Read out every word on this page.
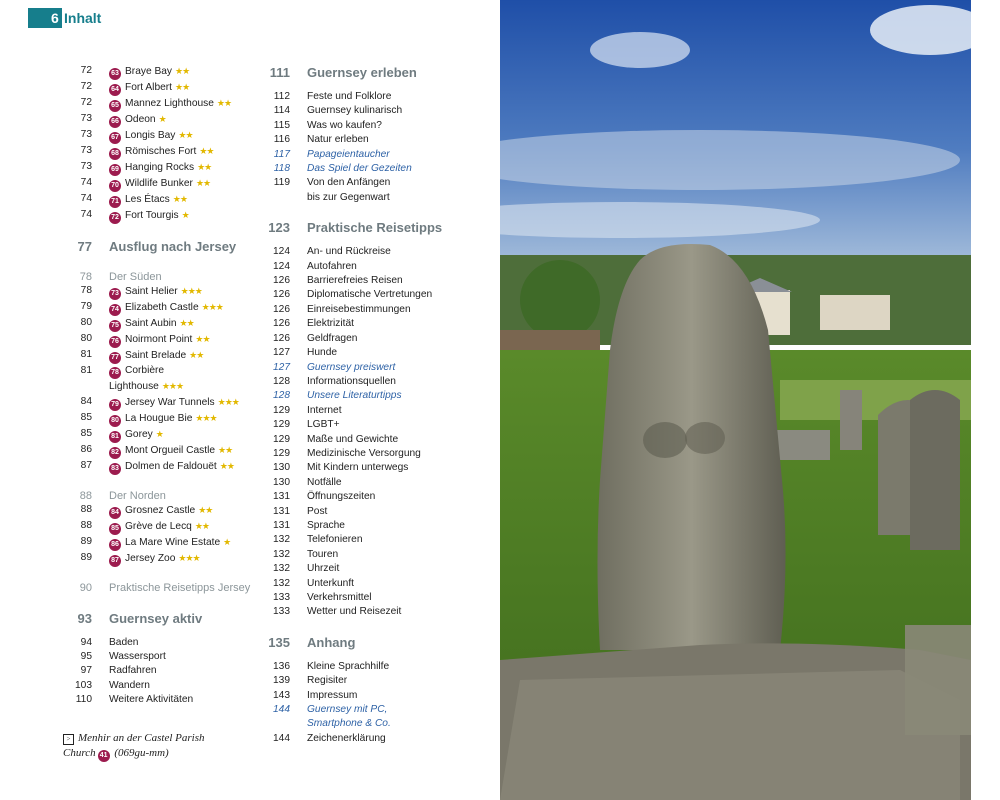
6 Inhalt
72	63 Braye Bay ★★
72	64 Fort Albert ★★
72	65 Mannez Lighthouse ★★
73	66 Odeon ★
73	67 Longis Bay ★★
73	68 Römisches Fort ★★
73	69 Hanging Rocks ★★
74	70 Wildlife Bunker ★★
74	71 Les Étacs ★★
74	72 Fort Tourgis ★
77	Ausflug nach Jersey
78	Der Süden
78	73 Saint Helier ★★★
79	74 Elizabeth Castle ★★★
80	75 Saint Aubin ★★
80	76 Noirmont Point ★★
81	77 Saint Brelade ★★
81	78 Corbière
Lighthouse ★★★
84	79 Jersey War Tunnels ★★★
85	80 La Hougue Bie ★★★
85	81 Gorey ★
86	82 Mont Orgueil Castle ★★
87	83 Dolmen de Faldouët ★★
88	Der Norden
88	84 Grosnez Castle ★★
88	85 Grève de Lecq ★★
89	86 La Mare Wine Estate ★
89	87 Jersey Zoo ★★★
90	Praktische Reisetipps Jersey
93	Guernsey aktiv
94	Baden
95	Wassersport
97	Radfahren
103	Wandern
110	Weitere Aktivitäten
111	Guernsey erleben
112	Feste und Folklore
114	Guernsey kulinarisch
115	Was wo kaufen?
116	Natur erleben
117	Papageientaucher
118	Das Spiel der Gezeiten
119	Von den Anfängen
bis zur Gegenwart
123	Praktische Reisetipps
124	An- und Rückreise
124	Autofahren
126	Barrierefreies Reisen
126	Diplomatische Vertretungen
126	Einreisebestimmungen
126	Elektrizität
126	Geldfragen
127	Hunde
127	Guernsey preiswert
128	Informationsquellen
128	Unsere Literaturtipps
129	Internet
129	LGBT+
129	Maße und Gewichte
129	Medizinische Versorgung
130	Mit Kindern unterwegs
130	Notfälle
131	Öffnungszeiten
131	Post
131	Sprache
132	Telefonieren
132	Touren
132	Uhrzeit
132	Unterkunft
133	Verkehrsmittel
133	Wetter und Reisezeit
135	Anhang
136	Kleine Sprachhilfe
139	Regisiter
143	Impressum
144	Guernsey mit PC,
Smartphone & Co.
144	Zeichenerklärung
> Menhir an der Castel Parish
Church 41 (069gu-mm)
